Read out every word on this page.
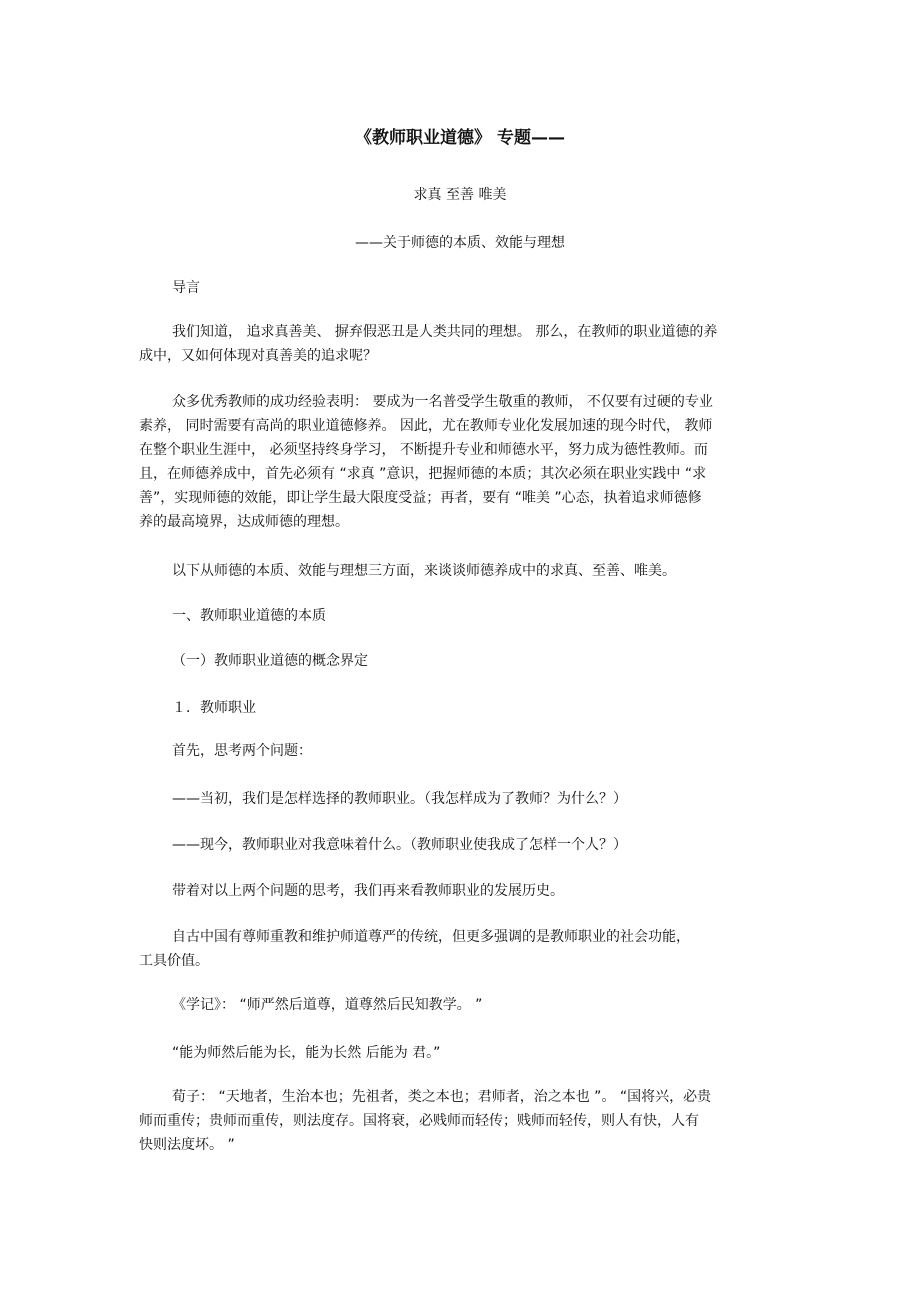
《教师职业道德》 专题——

求真 至善 唯美

——关于师德的本质、效能与理想

导言

我们知道， 追求真善美、 摒弃假恶丑是人类共同的理想。 那么，在教师的职业道德的养

成中，又如何体现对真善美的追求呢？

众多优秀教师的成功经验表明： 要成为一名普受学生敬重的教师， 不仅要有过硬的专业

素养， 同时需要有高尚的职业道德修养。 因此，尤在教师专业化发展加速的现今时代， 教师

在整个职业生涯中， 必须坚持终身学习， 不断提升专业和师德水平，努力成为德性教师。而

且，在师德养成中，首先必须有 “求真 ”意识，把握师德的本质；其次必须在职业实践中 “求

善”，实现师德的效能，即让学生最大限度受益；再者，要有 “唯美 ”心态，执着追求师德修

养的最高境界，达成师德的理想。

以下从师德的本质、效能与理想三方面，来谈谈师德养成中的求真、至善、唯美。

一、教师职业道德的本质
（一）教师职业道德的概念界定
１．教师职业

首先，思考两个问题：

——当初，我们是怎样选择的教师职业。（我怎样成为了教师？为什么？）

——现今，教师职业对我意味着什么。（教师职业使我成了怎样一个人？）

带着对以上两个问题的思考，我们再来看教师职业的发展历史。

自古中国有尊师重教和维护师道尊严的传统，但更多强调的是教师职业的社会功能，

工具价值。

《学记》： “师严然后道尊，道尊然后民知教学。 ”

“能为师然后能为长，能为长然 后能为 君。”

荀子： “天地者，生治本也；先祖者，类之本也；君师者，治之本也 ”。 “国将兴，必贵

师而重传；贵师而重传，则法度存。国将衰，必贱师而轻传；贱师而轻传，则人有快，人有

快则法度坏。 ”
